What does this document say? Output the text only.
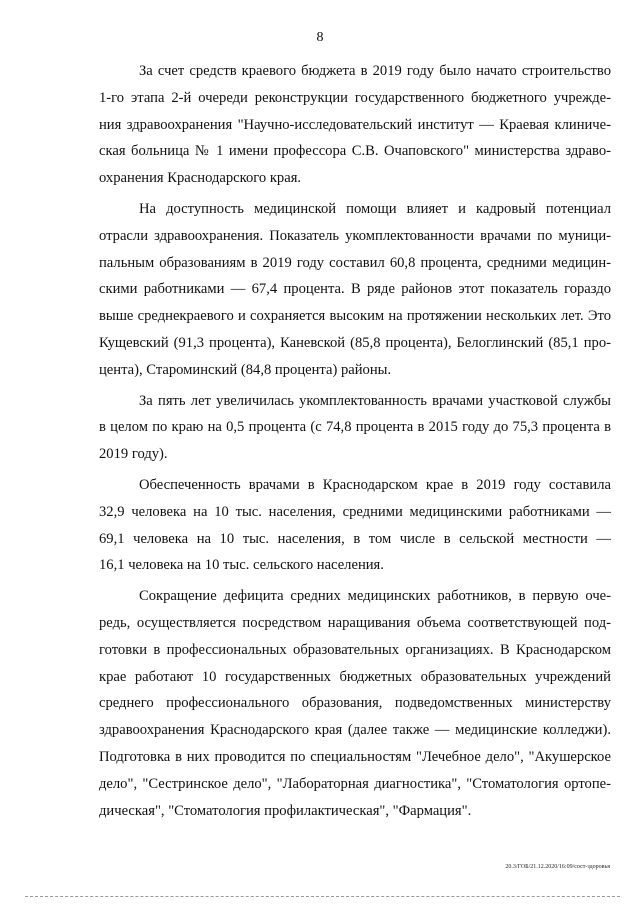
8

За счет средств краевого бюджета в 2019 году было начато строительство
1-го этапа 2-й очереди реконструкции государственного бюджетного учрежде-
ния здравоохранения "Научно-исследовательский институт — Краевая клиниче-
ская больница № 1 имени профессора С.В. Очаповского" министерства здраво-
охранения Краснодарского края.

На доступность медицинской помощи влияет и кадровый потенциал
отрасли здравоохранения. Показатель укомплектованности врачами по муници-
пальным образованиям в 2019 году составил 60,8 процента, средними медицин-
скими работниками — 67,4 процента. В ряде районов этот показатель гораздо
выше среднекраевого и сохраняется высоким на протяжении нескольких лет. Это
Кущевский (91,3 процента), Каневской (85,8 процента), Белоглинский (85,1 про-
цента), Староминский (84,8 процента) районы.

За пять лет увеличилась укомплектованность врачами участковой службы
в целом по краю на 0,5 процента (с 74,8 процента в 2015 году до 75,3 процента в
2019 году).

Обеспеченность врачами в Краснодарском крае в 2019 году составила
32,9 человека на 10 тыс. населения, средними медицинскими работниками —
69,1 человека на 10 тыс. населения, в том числе в сельской местности —
16,1 человека на 10 тыс. сельского населения.

Сокращение дефицита средних медицинских работников, в первую оче-
редь, осуществляется посредством наращивания объема соответствующей под-
готовки в профессиональных образовательных организациях. В Краснодарском
крае работают 10 государственных бюджетных образовательных учреждений
среднего профессионального образования, подведомственных министерству
здравоохранения Краснодарского края (далее также — медицинские колледжи).
Подготовка в них проводится по специальностям "Лечебное дело", "Акушерское
дело", "Сестринское дело", "Лабораторная диагностика", "Стоматология ортопе-
дическая", "Стоматология профилактическая", "Фармация".

20.3/ГОБ/21.12.2020/16:09/сост-здоровья
